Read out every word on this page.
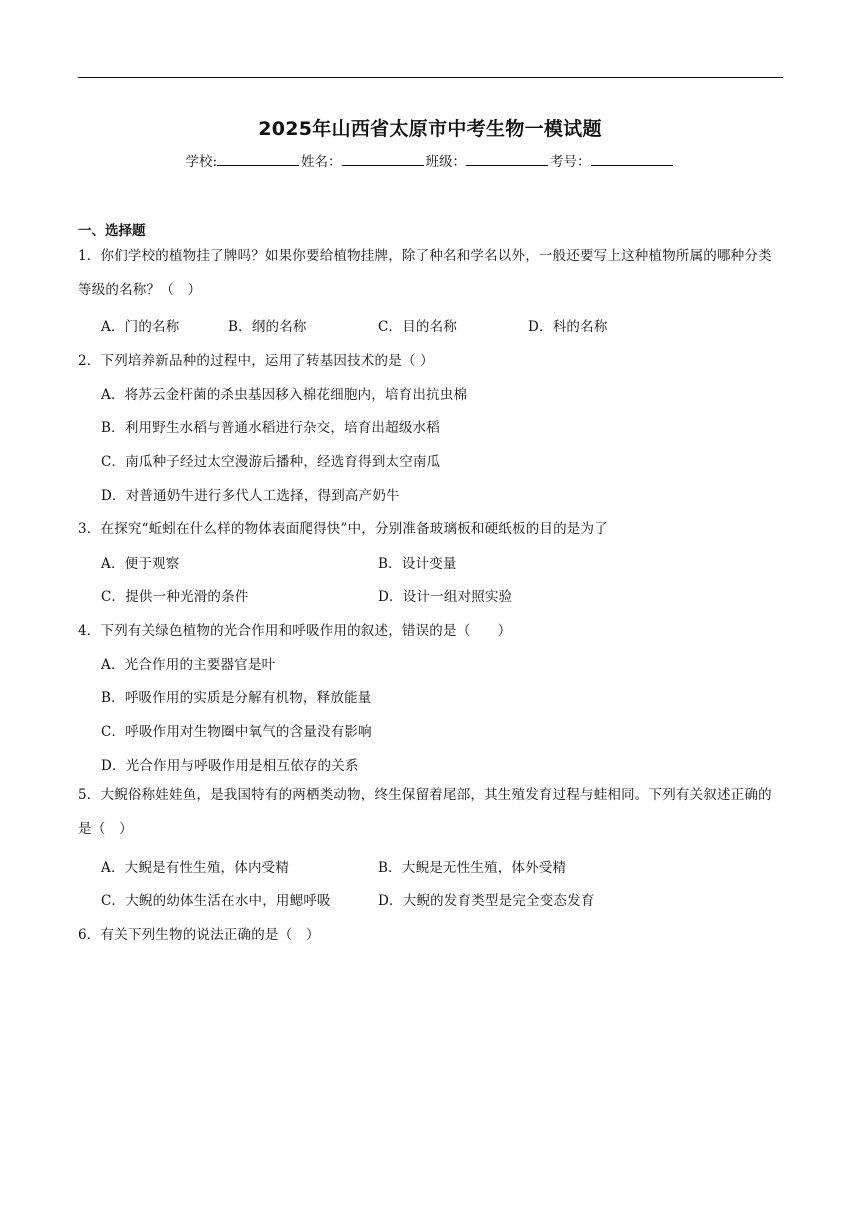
2025年山西省太原市中考生物一模试题
学校:	姓名：	班级：	考号：
一、选择题
1．你们学校的植物挂了牌吗？如果你要给植物挂牌，除了种名和学名以外，一般还要写上这种植物所属的哪种分类等级的名称？（　）
A．门的名称	B．纲的名称	C．目的名称	D．科的名称
2．下列培养新品种的过程中，运用了转基因技术的是（ ）
A．将苏云金杆菌的杀虫基因移入棉花细胞内，培育出抗虫棉
B．利用野生水稻与普通水稻进行杂交，培育出超级水稻
C．南瓜种子经过太空漫游后播种，经选育得到太空南瓜
D．对普通奶牛进行多代人工选择，得到高产奶牛
3．在探究“蚯蚓在什么样的物体表面爬得快”中，分别准备玻璃板和硬纸板的目的是为了
A．便于观察	B．设计变量
C．提供一种光滑的条件	D．设计一组对照实验
4．下列有关绿色植物的光合作用和呼吸作用的叙述，错误的是（　　）
A．光合作用的主要器官是叶
B．呼吸作用的实质是分解有机物，释放能量
C．呼吸作用对生物圈中氧气的含量没有影响
D．光合作用与呼吸作用是相互依存的关系
5．大鲵俗称娃娃鱼，是我国特有的两栖类动物，终生保留着尾部，其生殖发育过程与蛙相同。下列有关叙述正确的是（　）
A．大鲵是有性生殖，体内受精	B．大鲵是无性生殖，体外受精
C．大鲵的幼体生活在水中，用鳃呼吸	D．大鲵的发育类型是完全变态发育
6．有关下列生物的说法正确的是（　）
